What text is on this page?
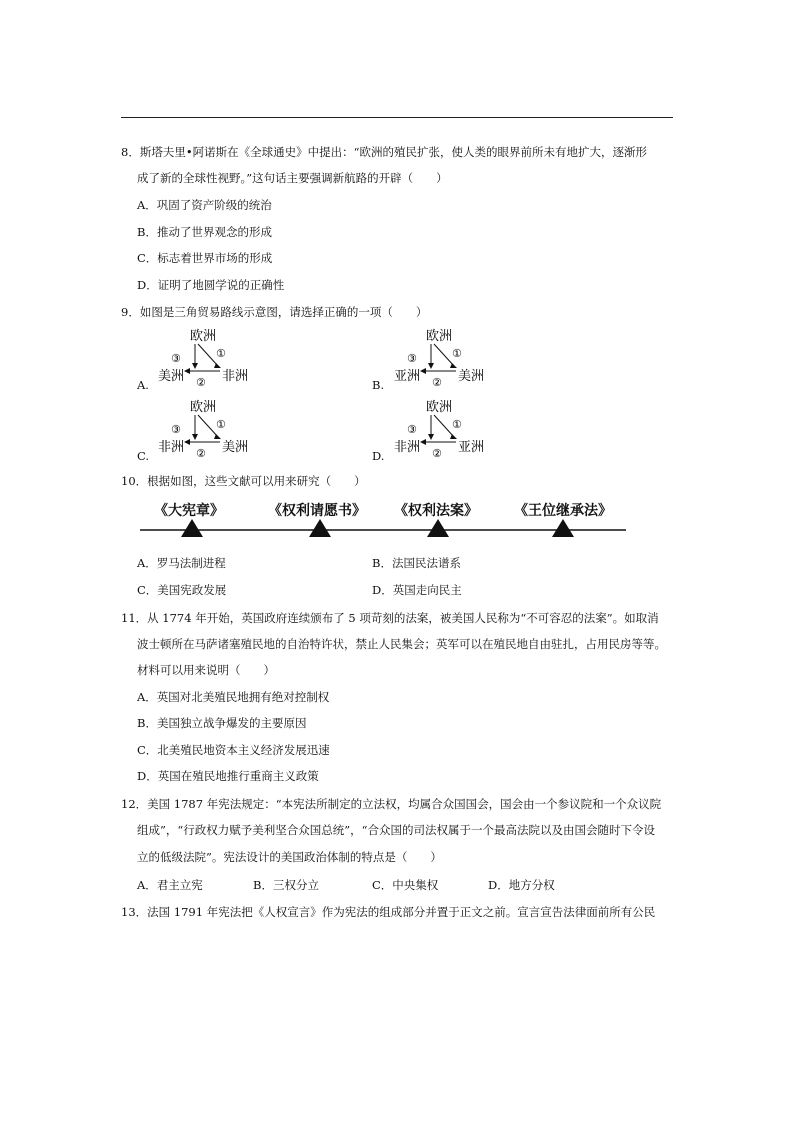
8．斯塔夫里•阿诺斯在《全球通史》中提出：“欧洲的殖民扩张，使人类的眼界前所未有地扩大，逐渐形
成了新的全球性视野。”这句话主要强调新航路的开辟（　　）
A．巩固了资产阶级的统治
B．推动了世界观念的形成
C．标志着世界市场的形成
D．证明了地圆学说的正确性
9．如图是三角贸易路线示意图，请选择正确的一项（　　）
A.
欧洲
美洲	非洲
③	①
②	B.
欧洲
亚洲	美洲
③	①
②
C.
欧洲
非洲	美洲
③	①
②	D.
欧洲
非洲	亚洲
③	①
②
10．根据如图，这些文献可以用来研究（　　）
《大宪章》	《权利请愿书》 《权利法案》	《王位继承法》
A．罗马法制进程	B．法国民法谱系
C．美国宪政发展	D．英国走向民主
11．从 1774 年开始，英国政府连续颁布了 5 项苛刻的法案，被美国人民称为“不可容忍的法案”。如取消
波士顿所在马萨诸塞殖民地的自治特许状，禁止人民集会；英军可以在殖民地自由驻扎，占用民房等等。
材料可以用来说明（　　）
A．英国对北美殖民地拥有绝对控制权
B．美国独立战争爆发的主要原因
C．北美殖民地资本主义经济发展迅速
D．英国在殖民地推行重商主义政策
12．美国 1787 年宪法规定：“本宪法所制定的立法权，均属合众国国会，国会由一个参议院和一个众议院
组成”，“行政权力赋予美利坚合众国总统”，“合众国的司法权属于一个最高法院以及由国会随时下令设
立的低级法院”。宪法设计的美国政治体制的特点是（　　）
A．君主立宪	B．三权分立	C．中央集权	D．地方分权
13．法国 1791 年宪法把《人权宣言》作为宪法的组成部分并置于正文之前。宣言宣告法律面前所有公民
